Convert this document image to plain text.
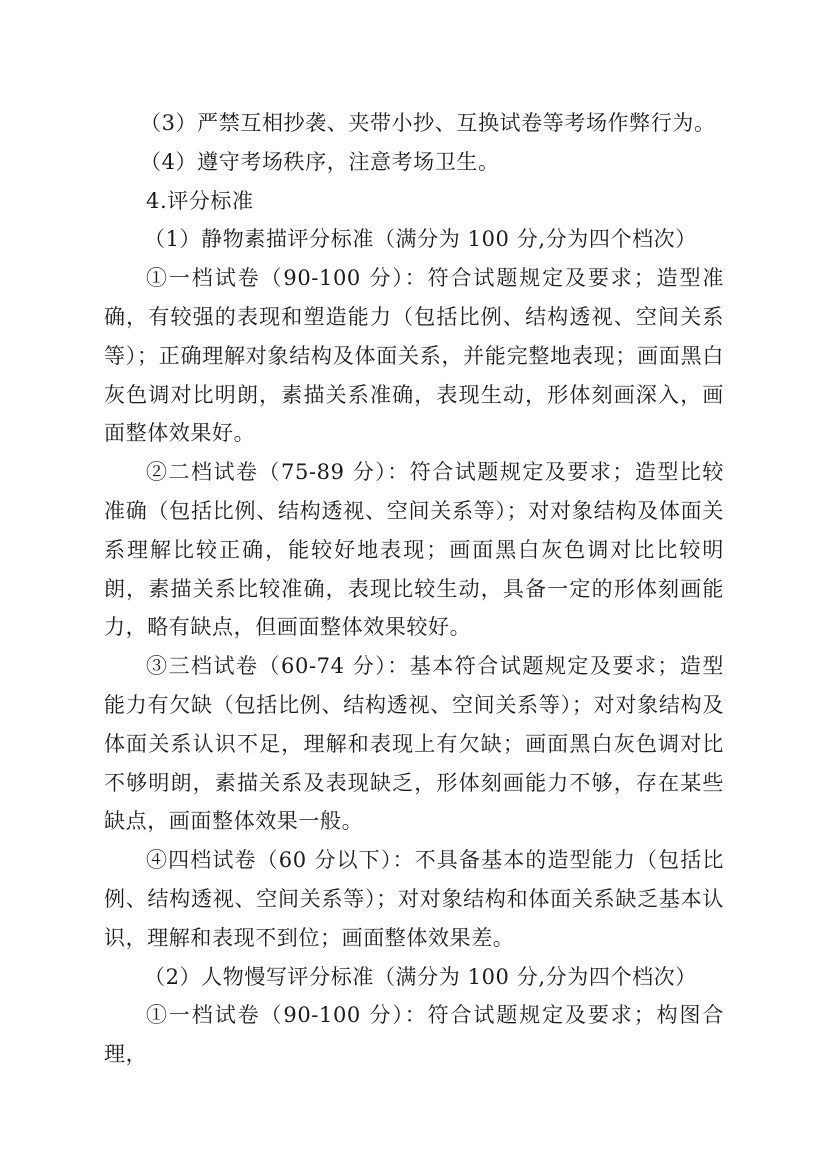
（3）严禁互相抄袭、夹带小抄、互换试卷等考场作弊行为。

（4）遵守考场秩序，注意考场卫生。

4.评分标准

（1）静物素描评分标准（满分为 100 分,分为四个档次）

①一档试卷（90-100 分）：符合试题规定及要求；造型准确，有较强的表现和塑造能力（包括比例、结构透视、空间关系等）；正确理解对象结构及体面关系，并能完整地表现；画面黑白灰色调对比明朗，素描关系准确，表现生动，形体刻画深入，画面整体效果好。

②二档试卷（75-89 分）：符合试题规定及要求；造型比较准确（包括比例、结构透视、空间关系等）；对对象结构及体面关系理解比较正确，能较好地表现；画面黑白灰色调对比比较明朗，素描关系比较准确，表现比较生动，具备一定的形体刻画能力，略有缺点，但画面整体效果较好。

③三档试卷（60-74 分）：基本符合试题规定及要求；造型能力有欠缺（包括比例、结构透视、空间关系等）；对对象结构及体面关系认识不足，理解和表现上有欠缺；画面黑白灰色调对比不够明朗，素描关系及表现缺乏，形体刻画能力不够，存在某些缺点，画面整体效果一般。

④四档试卷（60 分以下）：不具备基本的造型能力（包括比例、结构透视、空间关系等）；对对象结构和体面关系缺乏基本认识，理解和表现不到位；画面整体效果差。

（2）人物慢写评分标准（满分为 100 分,分为四个档次）

①一档试卷（90-100 分）：符合试题规定及要求；构图合理，
